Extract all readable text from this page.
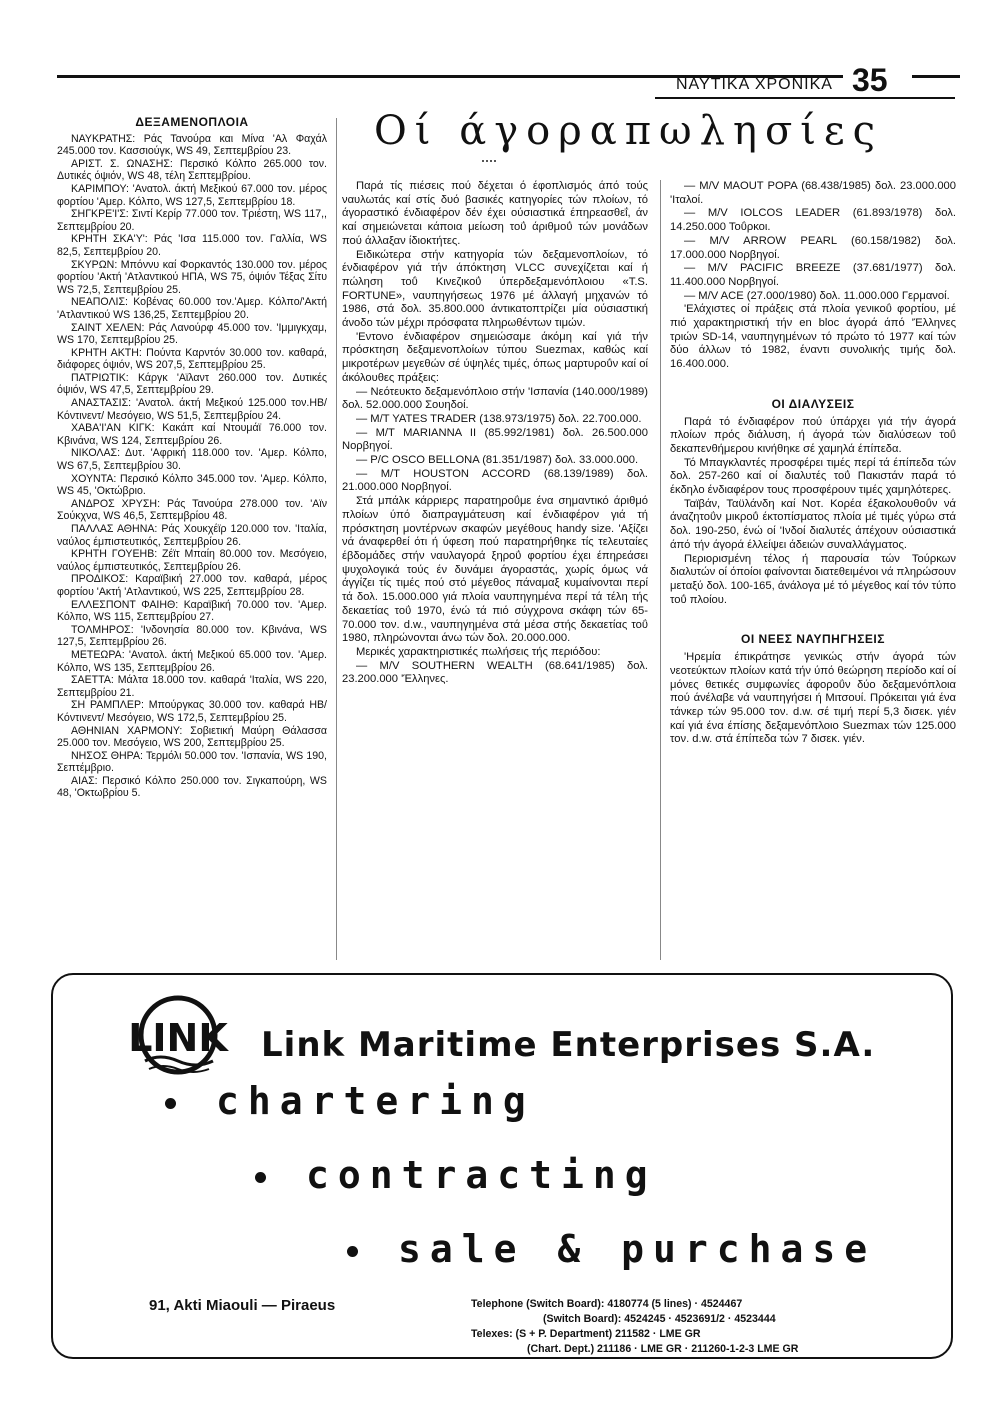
ΝΑΥΤΙΚΑ ΧΡΟΝΙΚΑ 35
ΔΕΞΑΜΕΝΟΠΛΟΙΑ

ΝΑΥΚΡΑΤΗΣ: Ράς Τανούρα και Μίνα 'Αλ Φαχάλ 245.000 τον. Κασσιούγκ, WS 49, Σεπτεμβρίου 23.

ΑΡΙΣΤ. Σ. ΩΝΑΣΗΣ: Περσικό Κόλπο 265.000 τον. Δυτικές όψιόν, WS 48, τέλη Σεπτεμβρίου.

ΚΑΡΙΜΠΟΥ: 'Ανατολ. άκτή Μεξικού 67.000 τον. μέρος φορτίου 'Αμερ. Κόλπο, WS 127,5, Σεπτεμβρίου 18.

ΣΗΓΚΡΕ'Ι'Σ: Σιντί Κερίρ 77.000 τον. Τριέστη, WS 117,, Σεπτεμβρίου 20.

ΚΡΗΤΗ ΣΚΑ'Υ': Ράς 'Ισα 115.000 τον. Γαλλία, WS 82,5, Σεπτεμβρίου 20.

ΣΚΥΡΩΝ: Μπόννυ καί Φορκαντός 130.000 τον. μέρος φορτίου 'Ακτή 'Ατλαντικού ΗΠΑ, WS 75, όψιόν Τέξας Σίτυ WS 72,5, Σεπτεμβρίου 25.

ΝΕΑΠΟΛΙΣ: Κοβένας 60.000 τον.'Αμερ. Κόλπο/'Ακτή 'Ατλαντικού WS 136,25, Σεπτεμβρίου 20.

ΣΑΙΝΤ ΧΕΛΕΝ: Ράς Λανούρφ 45.000 τον. 'Ιμμιγκχαμ, WS 170, Σεπτεμβρίου 25.

ΚΡΗΤΗ ΑΚΤΗ: Πούντα Καρντόν 30.000 τον. καθαρά, διάφορες όψιόν, WS 207,5, Σεπτεμβρίου 25.

ΠΑΤΡΙΩΤΙΚ: Κάργκ 'Αϊλαντ 260.000 τον. Δυτικές όψιόν, WS 47,5, Σεπτεμβρίου 29.

ΑΝΑΣΤΑΣΙΣ: 'Ανατολ. άκτή Μεξικού 125.000 τον.ΗΒ/ Κόντινεντ/ Μεσόγειο, WS 51,5, Σεπτεμβρίου 24.

ΧΑΒΑ'Ι'ΑΝ ΚΙΓΚ: Κακάπ καί Ντουμάϊ 76.000 τον. Κβινάνα, WS 124, Σεπτεμβρίου 26.

ΝΙΚΟΛΑΣ: Δυτ. 'Αφρική 118.000 τον. 'Αμερ. Κόλπο, WS 67,5, Σεπτεμβρίου 30.

ΧΟΥΝΤΑ: Περσικό Κόλπο 345.000 τον. 'Αμερ. Κόλπο, WS 45, 'Οκτώβριο.

ΑΝΔΡΟΣ ΧΡΥΣΗ: Ράς Τανούρα 278.000 τον. 'Αϊν Σούκχνα, WS 46,5, Σεπτεμβρίου 48.

ΠΑΛΛΑΣ ΑΘΗΝΑ: Ράς Χουκχέϊρ 120.000 τον. 'Ιταλία, ναύλος έμπιστευτικός, Σεπτεμβρίου 26.

ΚΡΗΤΗ ΓΟΥΕΗΒ: Ζέϊτ Μπαίη 80.000 τον. Μεσόγειο, ναύλος έμπιστευτικός, Σεπτεμβρίου 26.

ΠΡΟΔΙΚΟΣ: Καραϊβική 27.000 τον. καθαρά, μέρος φορτίου 'Ακτή 'Ατλαντικού, WS 225, Σεπτεμβρίου 28.

ΕΛΛΕΣΠΟΝΤ ΦΑΙΗΘ: Καραϊβική 70.000 τον. 'Αμερ. Κόλπο, WS 115, Σεπτεμβρίου 27.

ΤΟΛΜΗΡΟΣ: 'Ινδονησία 80.000 τον. Κβινάνα, WS 127,5, Σεπτεμβρίου 26.

ΜΕΤΕΩΡΑ: 'Ανατολ. άκτή Μεξικού 65.000 τον. 'Αμερ. Κόλπο, WS 135, Σεπτεμβρίου 26.

ΣΑΕΤΤΑ: Μάλτα 18.000 τον. καθαρά 'Ιταλία, WS 220, Σεπτεμβρίου 21.

ΣΗ ΡΑΜΠΛΕΡ: Μπούργκας 30.000 τον. καθαρά ΗΒ/Κόντινεντ/ Μεσόγειο, WS 172,5, Σεπτεμβρίου 25.

ΑΘΗΝΙΑΝ ΧΑΡΜΟΝΥ: Σοβιετική Μαύρη Θάλασσα 25.000 τον. Μεσόγειο, WS 200, Σεπτεμβρίου 25.

ΝΗΣΟΣ ΘΗΡΑ: Τερμόλι 50.000 τον. 'Ισπανία, WS 190, Σεπτέμβριο.

ΑΙΑΣ: Περσικό Κόλπο 250.000 τον. Σιγκαπούρη, WS 48, 'Οκτωβρίου 5.

Οί άγοραπωλησίες

Παρά τίς πιέσεις πού δέχεται ό έφοπλισμός άπό τούς ναυλωτάς καί στίς δυό βασικές κατηγορίες τών πλοίων, τό άγοραστικό ένδιαφέρον δέν έχει ούσιαστικά έπηρεασθεΐ, άν καί σημειώνεται κάποια μείωση τοΰ άριθμοΰ τών μονάδων πού άλλαξαν ίδιοκτήτες.

Ειδικώτερα στήν κατηγορία τών δεξαμενοπλοίων, τό ένδιαφέρον γιά τήν άπόκτηση VLCC συνεχίζεται καί ή πώληση τοΰ Κινεζικοΰ ύπερδεξαμενόπλοιου «T.S. FORTUNE», ναυπηγήσεως 1976 μέ άλλαγή μηχανών τό 1986, στά δολ. 35.800.000 άντικατοπτρίζει μία ούσιαστική άνοδο τών μέχρι πρόσφατα πληρωθέντων τιμών.

'Εντονο ένδιαφέρον σημειώσαμε άκόμη καί γιά τήν πρόσκτηση δεξαμενοπλοίων τύπου Suezmax, καθώς καί μικροτέρων μεγεθών σέ ύψηλές τιμές, όπως μαρτυροΰν καί οί άκόλουθες πράξεις:

— Νεότευκτο δεξαμενόπλοιο στήν 'Ισπανία (140.000/1989) δολ. 52.000.000 Σουηδοί.

— M/T YATES TRADER (138.973/1975) δολ. 22.700.000.

— M/T MARIANNA II (85.992/1981) δολ. 26.500.000 Νορβηγοί.

— P/C OSCO BELLONA (81.351/1987) δολ. 33.000.000.

— M/T HOUSTON ACCORD (68.139/1989) δολ. 21.000.000 Νορβηγοί.

Στά μπάλκ κάρριερς παρατηροΰμε ένα σημαντικό άριθμό πλοίων ύπό διαπραγμάτευση καί ένδιαφέρον γιά τή πρόσκτηση μοντέρνων σκαφών μεγέθους handy size. 'Αξίζει νά άναφερθεί ότι ή ύφεση πού παρατηρήθηκε τίς τελευταίες έβδομάδες στήν ναυλαγορά ξηροΰ φορτίου έχει έπηρεάσει ψυχολογικά τούς έν δυνάμει άγοραστάς, χωρίς όμως νά άγγίζει τίς τιμές πού στό μέγεθος πάναμαξ κυμαίνονται περί τά δολ. 15.000.000 γιά πλοία ναυπηγημένα περί τά τέλη τής δεκαετίας τοΰ 1970, ένώ τά πιό σύγχρονα σκάφη τών 65-70.000 τον. d.w., ναυπηγημένα στά μέσα στής δεκαετίας τοΰ 1980, πληρώνονται άνω τών δολ. 20.000.000.

Μερικές χαρακτηριστικές πωλήσεις τής περιόδου:

— M/V SOUTHERN WEALTH (68.641/1985) δολ. 23.200.000 'Έλληνες.

— M/V MAOUT POPA (68.438/1985) δολ. 23.000.000 'Ιταλοί.

— M/V IOLCOS LEADER (61.893/1978) δολ. 14.250.000 Τοΰρκοι.

— M/V ARROW PEARL (60.158/1982) δολ. 17.000.000 Νορβηγοί.

— M/V PACIFIC BREEZE (37.681/1977) δολ. 11.400.000 Νορβηγοί.

— M/V ACE (27.000/1980) δολ. 11.000.000 Γερμανοί.

'Ελάχιστες οί πράξεις στά πλοία γενικοΰ φορτίου, μέ πιό χαρακτηριστική τήν en bloc άγορά άπό 'Έλληνες τριών SD-14, ναυπηγημένων τό πρώτο τό 1977 καί τών δύο άλλων τό 1982, έναντι συνολικής τιμής δολ. 16.400.000.

ΟΙ ΔΙΑΛΥΣΕΙΣ

Παρά τό ένδιαφέρον πού ύπάρχει γιά τήν άγορά πλοίων πρός διάλυση, ή άγορά τών διαλύσεων τοΰ δεκαπενθήμερου κινήθηκε σέ χαμηλά έπίπεδα.

Τό Μπαγκλαντές προσφέρει τιμές περί τά έπίπεδα τών δολ. 257-260 καί οί διαλυτές τοΰ Πακιστάν παρά τό έκδηλο ένδιαφέρον τους προσφέρουν τιμές χαμηλότερες.

Ταϊβάν, Ταϋλάνδη καί Νοτ. Κορέα έξακολουθοΰν νά άναζητοΰν μικροΰ έκτοπίσματος πλοία μέ τιμές γύρω στά δολ. 190-250, ένώ οί 'Ινδοί διαλυτές άπέχουν ούσιαστικά άπό τήν άγορά έλλείψει άδειών συναλλάγματος.

Περιορισμένη τέλος ή παρουσία τών Τούρκων διαλυτών οί όποίοι φαίνονται διατεθειμένοι νά πληρώσουν μεταξύ δολ. 100-165, άνάλογα μέ τό μέγεθος καί τόν τύπο τοΰ πλοίου.

ΟΙ ΝΕΕΣ ΝΑΥΠΗΓΗΣΕΙΣ

'Ηρεμία έπικράτησε γενικώς στήν άγορά τών νεοτεύκτων πλοίων κατά τήν ύπό θεώρηση περίοδο καί οί μόνες θετικές συμφωνίες άφοροΰν δύο δεξαμενόπλοια πού άνέλαβε νά ναυπηγήσει ή Μιτσουί. Πρόκειται γιά ένα τάνκερ τών 95.000 τον. d.w. σέ τιμή περί 5,3 δισεκ. γιέν καί γιά ένα έπίσης δεξαμενόπλοιο Suezmax τών 125.000 τον. d.w. στά έπίπεδα τών 7 δισεκ. γιέν.

LINK Link Maritime Enterprises S.A.
chartering
contracting
sale & purchase
91, Akti Miaouli — Piraeus	Telephone (Switch Board): 4180774 (5 lines) · 4524467
(Switch Board): 4524245 · 4523691/2 · 4523444
Telexes: (S + P. Department) 211582 · LME GR
(Chart. Dept.) 211186 · LME GR · 211260-1-2-3 LME GR
